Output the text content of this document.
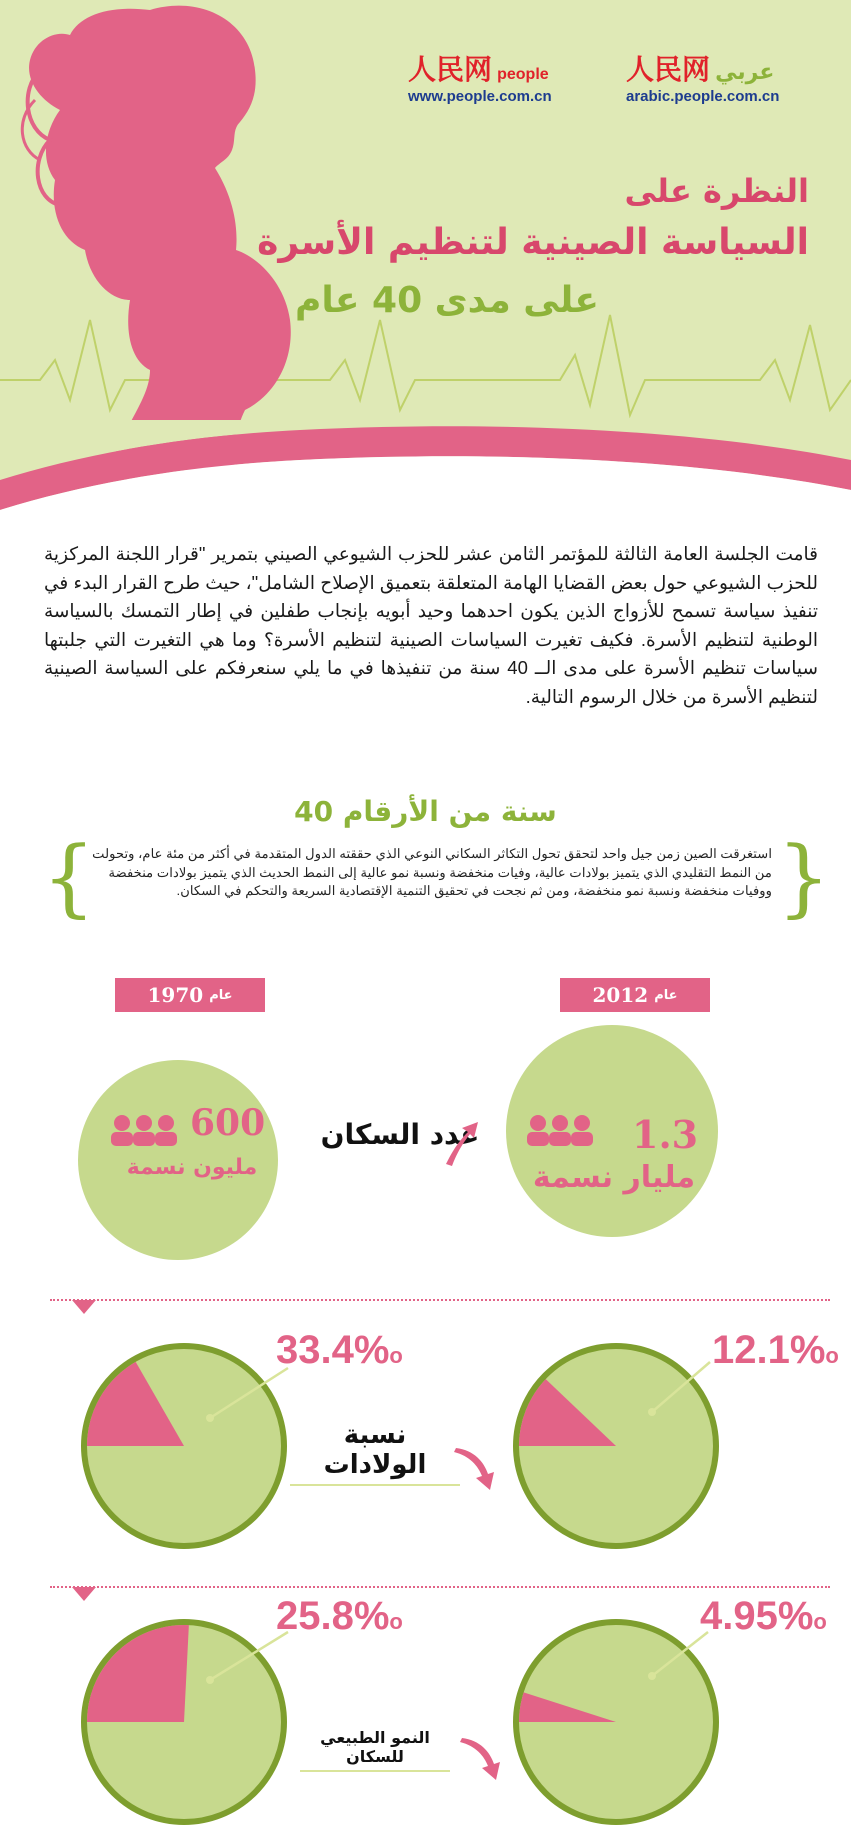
人民网 people
www.people.com.cn
人民网 عربي
arabic.people.com.cn
النظرة على
السياسة الصينية لتنظيم الأسرة
على مدى 40 عام
قامت الجلسة العامة الثالثة للمؤتمر الثامن عشر للحزب الشيوعي الصيني بتمرير "قرار اللجنة المركزية للحزب الشيوعي حول بعض القضايا الهامة المتعلقة بتعميق الإصلاح الشامل"، حيث طرح القرار البدء في تنفيذ سياسة تسمح للأزواج الذين يكون احدهما وحيد أبويه بإنجاب طفلين في إطار التمسك بالسياسة الوطنية لتنظيم الأسرة. فكيف تغيرت السياسات الصينية لتنظيم الأسرة؟ وما هي التغيرت التي جلبتها سياسات تنظيم الأسرة على مدى الــ 40 سنة من تنفيذها في ما يلي سنعرفكم على السياسة الصينية لتنظيم الأسرة من خلال الرسوم التالية.
40 سنة من الأرقام
{	}
استغرقت الصين زمن جيل واحد لتحقق تحول التكاثر السكاني النوعي الذي حققته الدول المتقدمة في أكثر من مئة عام، وتحولت من النمط التقليدي الذي يتميز بولادات عالية، وفيات منخفضة ونسبة نمو عالية إلى النمط الحديث الذي يتميز بولادات منخفضة ووفيات منخفضة ونسبة نمو منخفضة، ومن ثم نجحت في تحقيق التنمية الإقتصادية السريعة والتحكم في السكان.
عام
1970	عام
2012
600
مليون نسمة
1.3
مليار نسمة
عدد السكان
33.4%o	12.1%o
25.8%o	4.95%o
نسبة الولادات
النمو الطبيعي للسكان
